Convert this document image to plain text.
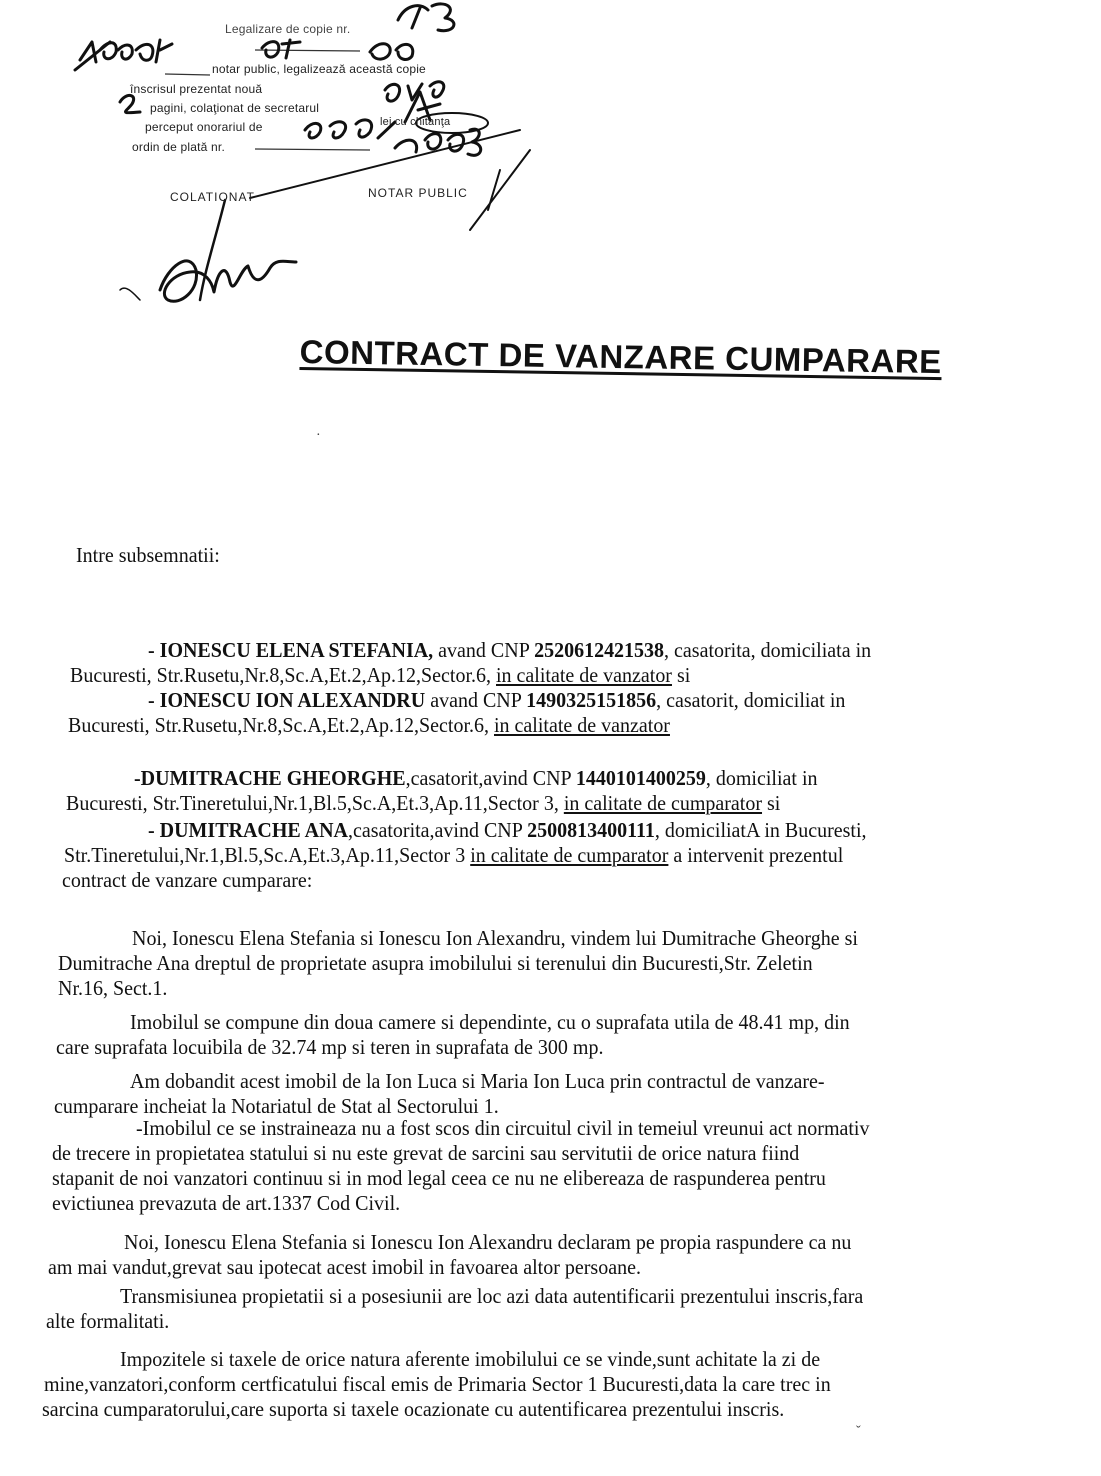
Legalizare de copie nr.
notar public, legalizează această copie
înscrisul prezentat nouă
pagini, colaţionat de secretarul
perceput onorariul de	lei cu chitanţa
ordin de plată nr.
COLATIONAT	NOTAR PUBLIC
CONTRACT DE VANZARE CUMPARARE
·
Intre subsemnatii:
- IONESCU ELENA STEFANIA, avand CNP 2520612421538, casatorita, domiciliata in
Bucuresti, Str.Rusetu,Nr.8,Sc.A,Et.2,Ap.12,Sector.6, in calitate de vanzator si
- IONESCU ION ALEXANDRU avand CNP 1490325151856, casatorit, domiciliat in
Bucuresti, Str.Rusetu,Nr.8,Sc.A,Et.2,Ap.12,Sector.6, in calitate de vanzator
-DUMITRACHE GHEORGHE,casatorit,avind CNP 1440101400259, domiciliat in
Bucuresti, Str.Tineretului,Nr.1,Bl.5,Sc.A,Et.3,Ap.11,Sector 3, in calitate de cumparator si
- DUMITRACHE ANA,casatorita,avind CNP 2500813400111, domiciliatA in Bucuresti,
Str.Tineretului,Nr.1,Bl.5,Sc.A,Et.3,Ap.11,Sector 3 in calitate de cumparator a intervenit prezentul
contract de vanzare cumparare:
Noi, Ionescu Elena Stefania si Ionescu Ion Alexandru, vindem lui Dumitrache Gheorghe si
Dumitrache Ana dreptul de proprietate asupra imobilului si terenului din Bucuresti,Str. Zeletin
Nr.16, Sect.1.
Imobilul se compune din doua camere si dependinte, cu o suprafata utila de 48.41 mp, din
care suprafata locuibila de 32.74 mp si teren in suprafata de 300 mp.
Am dobandit acest imobil de la Ion Luca si Maria Ion Luca prin contractul de vanzare-
cumparare incheiat la Notariatul de Stat al Sectorului 1.
-Imobilul ce se instraineaza nu a fost scos din circuitul civil in temeiul vreunui act normativ
de trecere in propietatea statului si nu este grevat de sarcini sau servitutii de orice natura fiind
stapanit de noi vanzatori continuu si in mod legal ceea ce nu ne elibereaza de raspunderea pentru
evictiunea prevazuta de art.1337 Cod Civil.
Noi, Ionescu Elena Stefania si Ionescu Ion Alexandru declaram pe propia raspundere ca nu
am mai vandut,grevat sau ipotecat acest imobil in favoarea altor persoane.
Transmisiunea propietatii si a posesiunii are loc azi data autentificarii prezentului inscris,fara
alte formalitati.
Impozitele si taxele de orice natura aferente imobilului ce se vinde,sunt achitate la zi de
mine,vanzatori,conform certficatului fiscal emis de Primaria Sector 1 Bucuresti,data la care trec in
sarcina cumparatorului,care suporta si taxele ocazionate cu autentificarea prezentului inscris.
ˇ
